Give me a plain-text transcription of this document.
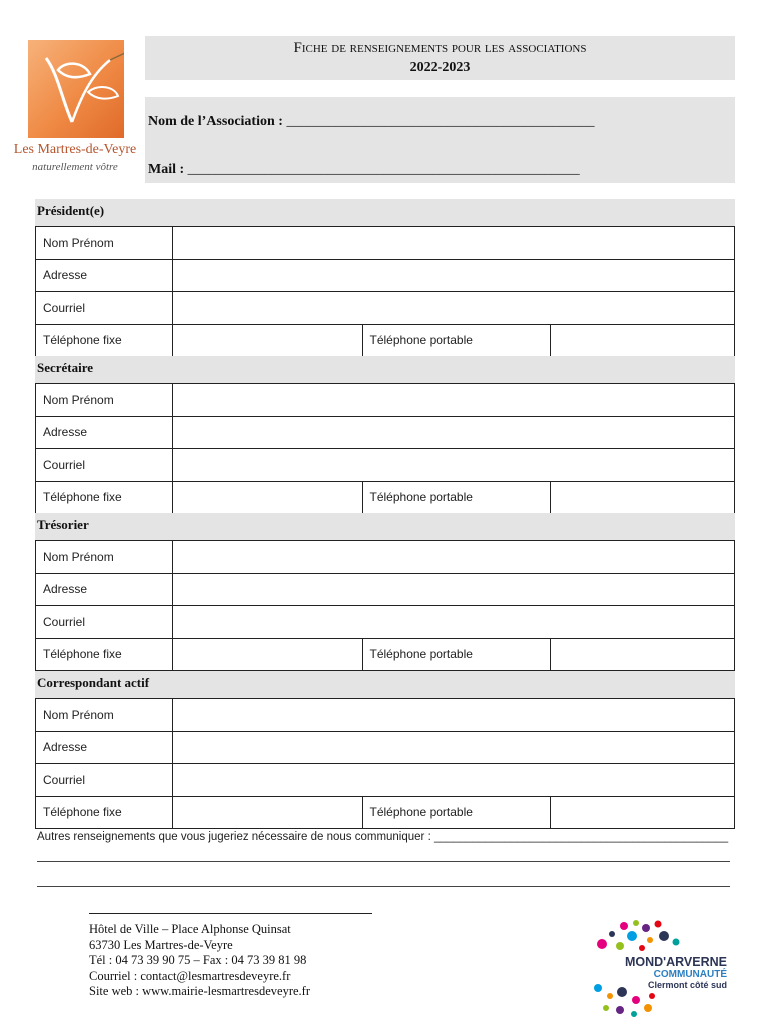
Les Martres-de-Veyre
naturellement vôtre
Fiche de renseignements pour les associations
2022-2023
Nom de l’Association : ____________________________________________
Mail : ________________________________________________________
Président(e)
Nom Prénom			
Adresse			
Courriel			
Téléphone fixe		Téléphone portable	
Secrétaire
Nom Prénom			
Adresse			
Courriel			
Téléphone fixe		Téléphone portable	
Trésorier
Nom Prénom			
Adresse			
Courriel			
Téléphone fixe		Téléphone portable	
Correspondant actif
Nom Prénom			
Adresse			
Courriel			
Téléphone fixe		Téléphone portable	
Autres renseignements que vous jugeriez nécessaire de nous communiquer : ______________________________________________
Hôtel de Ville – Place Alphonse Quinsat
63730 Les Martres-de-Veyre
Tél : 04 73 39 90 75 – Fax : 04 73 39 81 98
Courriel : contact@lesmartresdeveyre.fr
Site web : www.mairie-lesmartresdeveyre.fr
MOND'ARVERNE
COMMUNAUTÉ
Clermont côté sud
